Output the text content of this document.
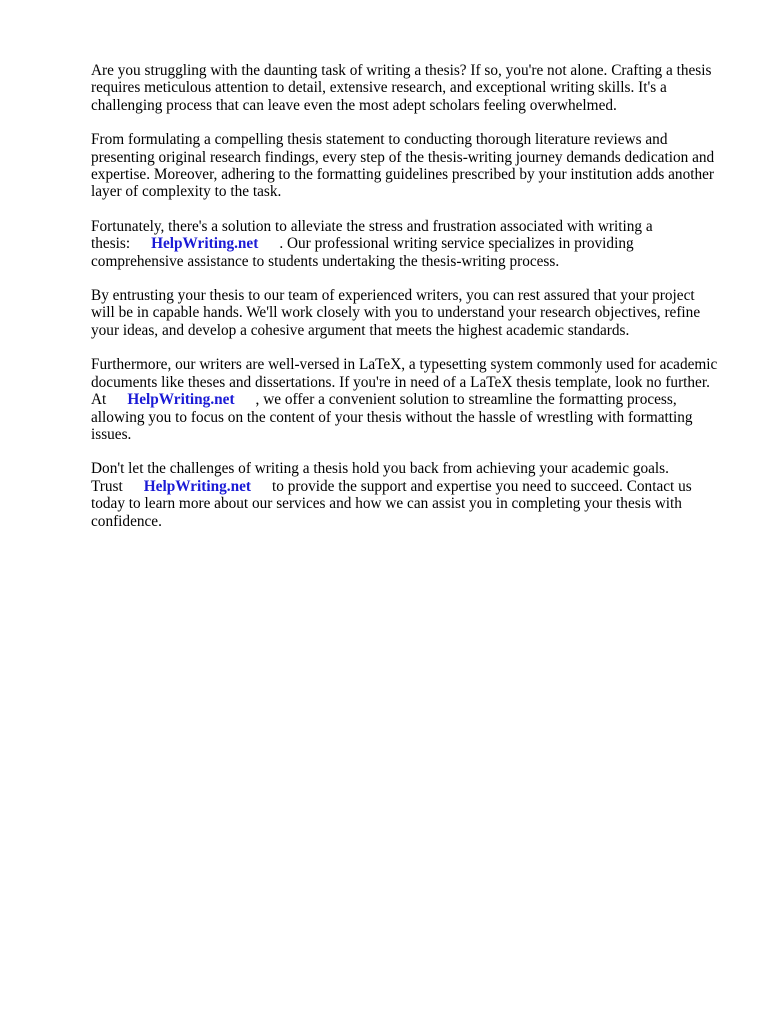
Are you struggling with the daunting task of writing a thesis? If so, you're not alone. Crafting a thesis requires meticulous attention to detail, extensive research, and exceptional writing skills. It's a challenging process that can leave even the most adept scholars feeling overwhelmed.

From formulating a compelling thesis statement to conducting thorough literature reviews and presenting original research findings, every step of the thesis-writing journey demands dedication and expertise. Moreover, adhering to the formatting guidelines prescribed by your institution adds another layer of complexity to the task.

Fortunately, there's a solution to alleviate the stress and frustration associated with writing a thesis: HelpWriting.net . Our professional writing service specializes in providing comprehensive assistance to students undertaking the thesis-writing process.

By entrusting your thesis to our team of experienced writers, you can rest assured that your project will be in capable hands. We'll work closely with you to understand your research objectives, refine your ideas, and develop a cohesive argument that meets the highest academic standards.

Furthermore, our writers are well-versed in LaTeX, a typesetting system commonly used for academic documents like theses and dissertations. If you're in need of a LaTeX thesis template, look no further. At HelpWriting.net , we offer a convenient solution to streamline the formatting process, allowing you to focus on the content of your thesis without the hassle of wrestling with formatting issues.

Don't let the challenges of writing a thesis hold you back from achieving your academic goals. Trust HelpWriting.net to provide the support and expertise you need to succeed. Contact us today to learn more about our services and how we can assist you in completing your thesis with confidence.
